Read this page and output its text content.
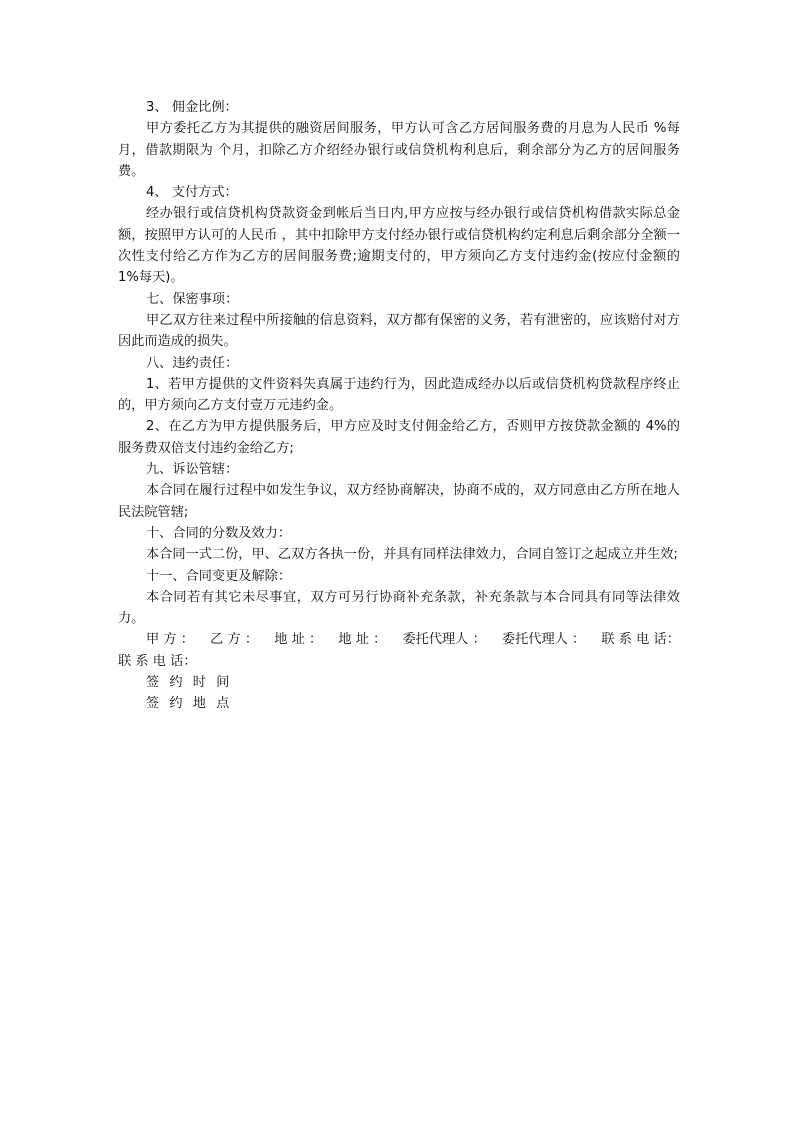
3、 佣金比例：

甲方委托乙方为其提供的融资居间服务，甲方认可含乙方居间服务费的月息为人民币 %每月，借款期限为 个月，扣除乙方介绍经办银行或信贷机构利息后，剩余部分为乙方的居间服务费。

4、 支付方式：

经办银行或信贷机构贷款资金到帐后当日内,甲方应按与经办银行或信贷机构借款实际总金额，按照甲方认可的人民币 ，其中扣除甲方支付经办银行或信贷机构约定利息后剩余部分全额一次性支付给乙方作为乙方的居间服务费;逾期支付的，甲方须向乙方支付违约金(按应付金额的 1%每天)。

七、保密事项：

甲乙双方往来过程中所接触的信息资料，双方都有保密的义务，若有泄密的，应该赔付对方因此而造成的损失。

八、违约责任：

1、若甲方提供的文件资料失真属于违约行为，因此造成经办以后或信贷机构贷款程序终止的，甲方须向乙方支付壹万元违约金。

2、在乙方为甲方提供服务后，甲方应及时支付佣金给乙方，否则甲方按贷款金额的 4%的服务费双倍支付违约金给乙方;

九、诉讼管辖：

本合同在履行过程中如发生争议，双方经协商解决，协商不成的，双方同意由乙方所在地人民法院管辖;

十、合同的分数及效力：

本合同一式二份，甲、乙双方各执一份，并具有同样法律效力，合同自签订之起成立并生效;

十一、合同变更及解除：

本合同若有其它未尽事宜，双方可另行协商补充条款，补充条款与本合同具有同等法律效力。

甲 方 ： 乙 方 ： 地 址 ： 地 址 ： 委托代理人 ： 委托代理人 ： 联 系 电 话：

联 系 电 话：

签 约 时 间

签 约 地 点
